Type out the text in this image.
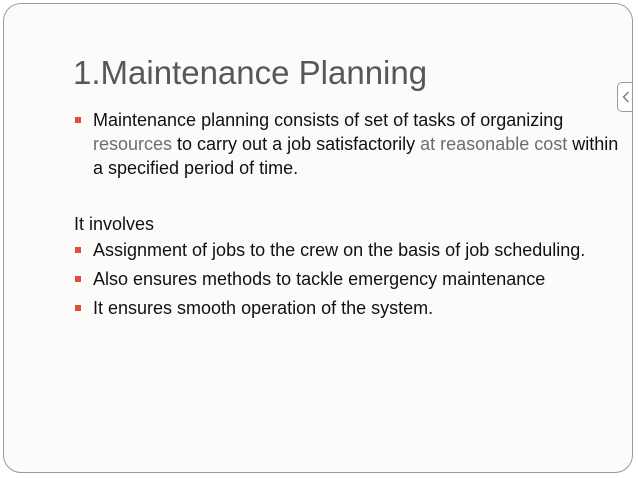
1.Maintenance Planning
Maintenance planning consists of set of tasks of organizing resources to carry out a job satisfactorily at reasonable cost within a specified period of time.
It involves
Assignment of jobs to the crew on the basis of job scheduling.
Also ensures methods to tackle emergency maintenance
It ensures smooth operation of the system.
